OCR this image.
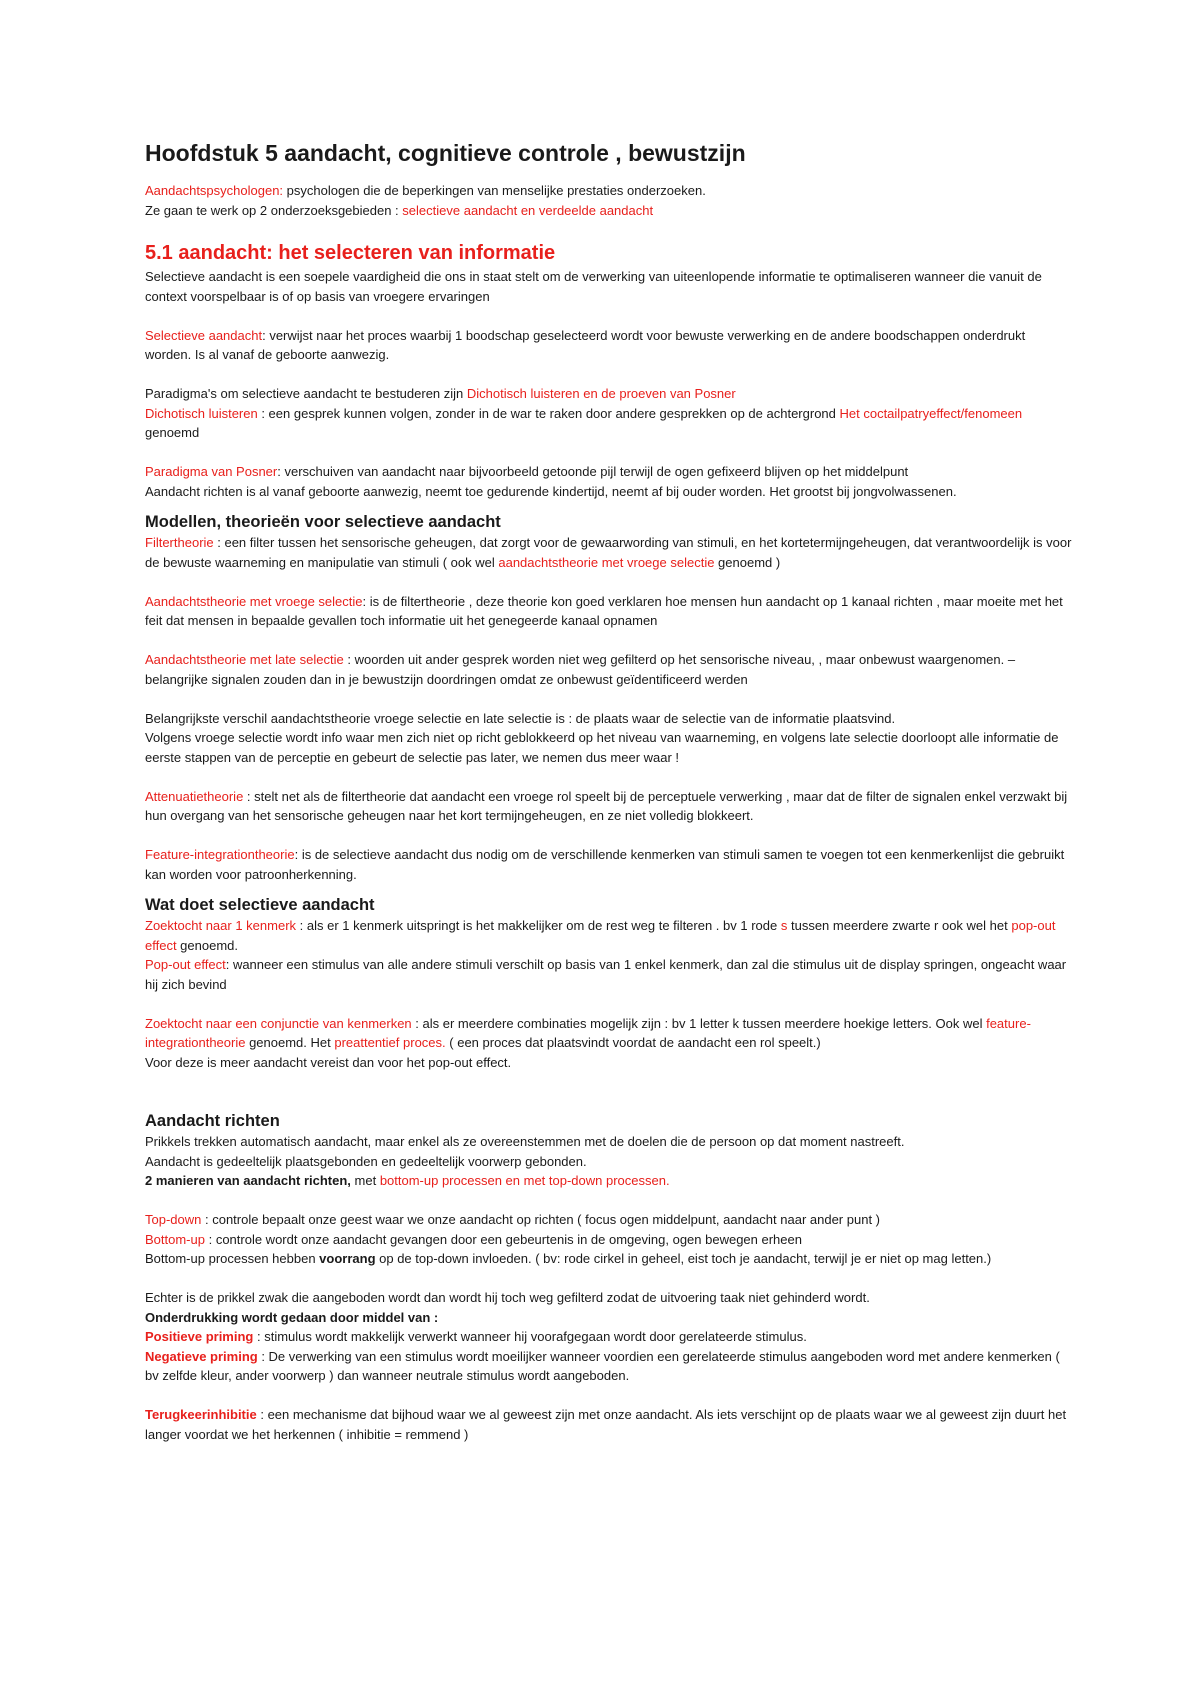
Hoofdstuk 5 aandacht, cognitieve controle , bewustzijn

Aandachtspsychologen: psychologen die de beperkingen van menselijke prestaties onderzoeken.

Ze gaan te werk op 2 onderzoeksgebieden : selectieve aandacht en verdeelde aandacht

5.1 aandacht: het selecteren van informatie

Selectieve aandacht is een soepele vaardigheid die ons in staat stelt om de verwerking van uiteenlopende informatie te optimaliseren wanneer die vanuit de context voorspelbaar is of op basis van vroegere ervaringen

Selectieve aandacht: verwijst naar het proces waarbij 1 boodschap geselecteerd wordt voor bewuste verwerking en de andere boodschappen onderdrukt worden. Is al vanaf de geboorte aanwezig.

Paradigma's om selectieve aandacht te bestuderen zijn Dichotisch luisteren en de proeven van Posner

Dichotisch luisteren : een gesprek kunnen volgen, zonder in de war te raken door andere gesprekken op de achtergrond Het coctailpatryeffect/fenomeen genoemd

Paradigma van Posner: verschuiven van aandacht naar bijvoorbeeld getoonde pijl terwijl de ogen gefixeerd blijven op het middelpunt

Aandacht richten is al vanaf geboorte aanwezig, neemt toe gedurende kindertijd, neemt af bij ouder worden. Het grootst bij jongvolwassenen.

Modellen, theorieën voor selectieve aandacht

Filtertheorie : een filter tussen het sensorische geheugen, dat zorgt voor de gewaarwording van stimuli, en het kortetermijngeheugen, dat verantwoordelijk is voor de bewuste waarneming en manipulatie van stimuli ( ook wel aandachtstheorie met vroege selectie genoemd )

Aandachtstheorie met vroege selectie: is de filtertheorie , deze theorie kon goed verklaren hoe mensen hun aandacht op 1 kanaal richten , maar moeite met het feit dat mensen in bepaalde gevallen toch informatie uit het genegeerde kanaal opnamen

Aandachtstheorie met late selectie : woorden uit ander gesprek worden niet weg gefilterd op het sensorische niveau, , maar onbewust waargenomen. – belangrijke signalen zouden dan in je bewustzijn doordringen omdat ze onbewust geïdentificeerd werden

Belangrijkste verschil aandachtstheorie vroege selectie en late selectie is : de plaats waar de selectie van de informatie plaatsvind.

Volgens vroege selectie wordt info waar men zich niet op richt geblokkeerd op het niveau van waarneming, en volgens late selectie doorloopt alle informatie de eerste stappen van de perceptie en gebeurt de selectie pas later, we nemen dus meer waar !

Attenuatietheorie : stelt net als de filtertheorie dat aandacht een vroege rol speelt bij de perceptuele verwerking , maar dat de filter de signalen enkel verzwakt bij hun overgang van het sensorische geheugen naar het kort termijngeheugen, en ze niet volledig blokkeert.

Feature-integrationtheorie: is de selectieve aandacht dus nodig om de verschillende kenmerken van stimuli samen te voegen tot een kenmerkenlijst die gebruikt kan worden voor patroonherkenning.

Wat doet selectieve aandacht

Zoektocht naar 1 kenmerk : als er 1 kenmerk uitspringt is het makkelijker om de rest weg te filteren . bv 1 rode s tussen meerdere zwarte r ook wel het pop-out effect genoemd.

Pop-out effect: wanneer een stimulus van alle andere stimuli verschilt op basis van 1 enkel kenmerk, dan zal die stimulus uit de display springen, ongeacht waar hij zich bevind

Zoektocht naar een conjunctie van kenmerken : als er meerdere combinaties mogelijk zijn : bv 1 letter k tussen meerdere hoekige letters. Ook wel feature-integrationtheorie genoemd. Het preattentief proces. ( een proces dat plaatsvindt voordat de aandacht een rol speelt.)

Voor deze is meer aandacht vereist dan voor het pop-out effect.

Aandacht richten

Prikkels trekken automatisch aandacht, maar enkel als ze overeenstemmen met de doelen die de persoon op dat moment nastreeft.

Aandacht is gedeeltelijk plaatsgebonden en gedeeltelijk voorwerp gebonden.

2 manieren van aandacht richten, met bottom-up processen en met top-down processen.

Top-down : controle bepaalt onze geest waar we onze aandacht op richten ( focus ogen middelpunt, aandacht naar ander punt )

Bottom-up : controle wordt onze aandacht gevangen door een gebeurtenis in de omgeving, ogen bewegen erheen

Bottom-up processen hebben voorrang op de top-down invloeden. ( bv: rode cirkel in geheel, eist toch je aandacht, terwijl je er niet op mag letten.)

Echter is de prikkel zwak die aangeboden wordt dan wordt hij toch weg gefilterd zodat de uitvoering taak niet gehinderd wordt.

Onderdrukking wordt gedaan door middel van :

Positieve priming : stimulus wordt makkelijk verwerkt wanneer hij voorafgegaan wordt door gerelateerde stimulus.

Negatieve priming : De verwerking van een stimulus wordt moeilijker wanneer voordien een gerelateerde stimulus aangeboden word met andere kenmerken ( bv zelfde kleur, ander voorwerp ) dan wanneer neutrale stimulus wordt aangeboden.

Terugkeerinhibitie : een mechanisme dat bijhoud waar we al geweest zijn met onze aandacht. Als iets verschijnt op de plaats waar we al geweest zijn duurt het langer voordat we het herkennen ( inhibitie = remmend )
